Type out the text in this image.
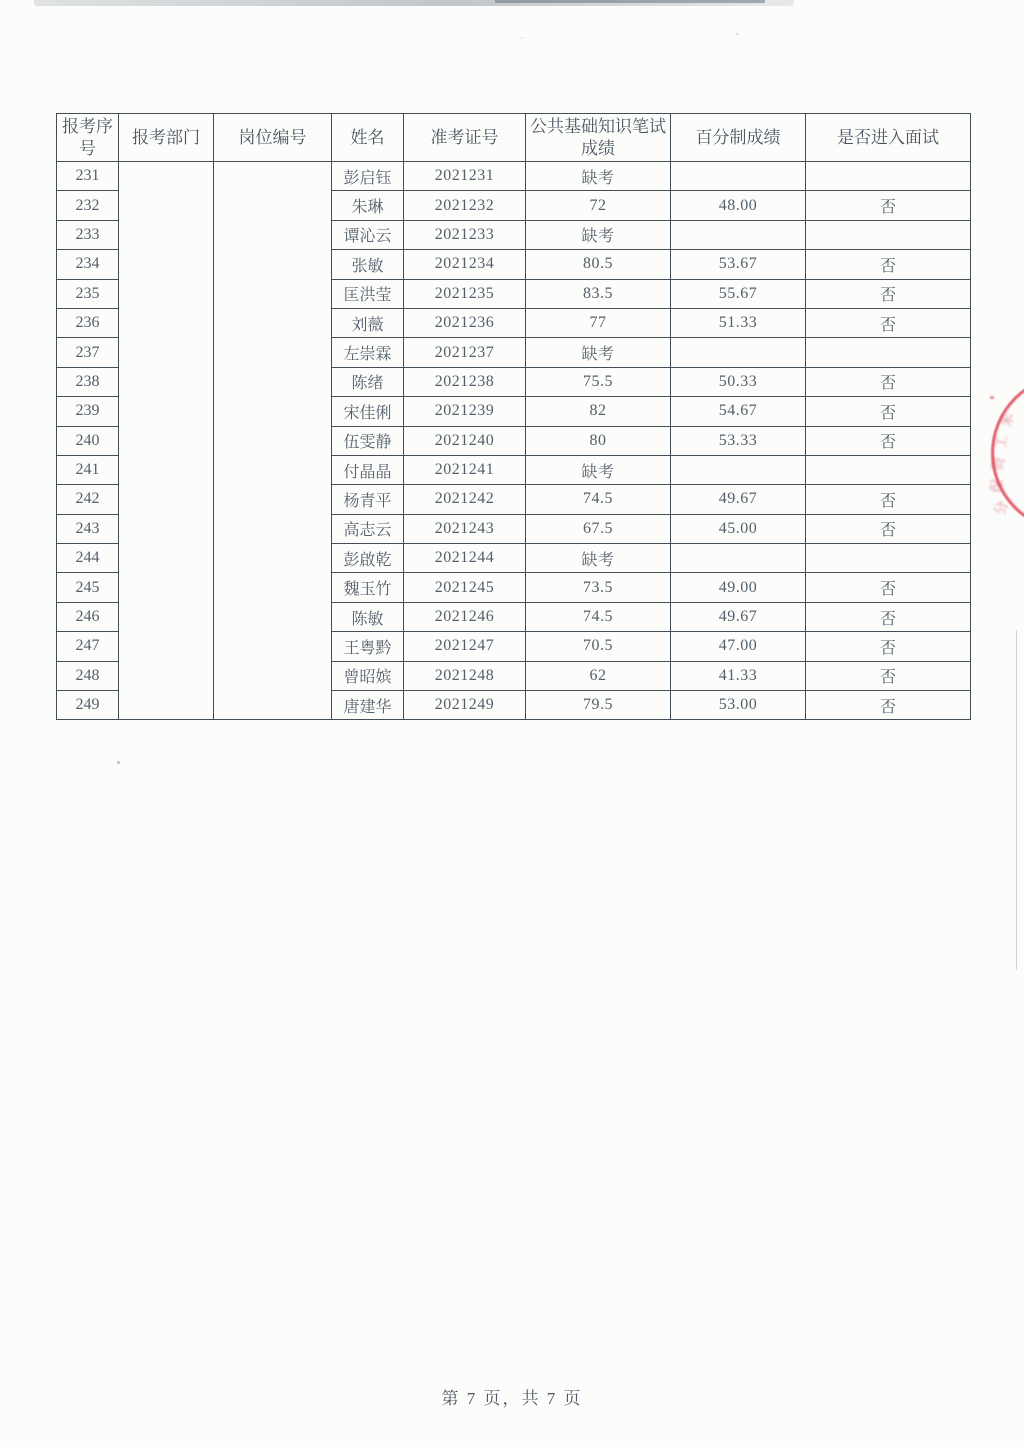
报考序号	报考部门	岗位编号	姓名	准考证号	公共基础知识笔试成绩	百分制成绩	是否进入面试
231			彭启钰	2021231	缺考		
232			朱琳	2021232	72	48.00	否
233			谭沁云	2021233	缺考		
234			张敏	2021234	80.5	53.67	否
235			匡洪莹	2021235	83.5	55.67	否
236			刘薇	2021236	77	51.33	否
237			左崇霖	2021237	缺考		
238			陈绪	2021238	75.5	50.33	否
239			宋佳俐	2021239	82	54.67	否
240			伍雯静	2021240	80	53.33	否
241			付晶晶	2021241	缺考		
242			杨青平	2021242	74.5	49.67	否
243			高志云	2021243	67.5	45.00	否
244			彭啟乾	2021244	缺考		
245			魏玉竹	2021245	73.5	49.00	否
246			陈敏	2021246	74.5	49.67	否
247			王粤黔	2021247	70.5	47.00	否
248			曾昭嫔	2021248	62	41.33	否
249			唐建华	2021249	79.5	53.00	否
米
工
资
保
分
第 7 页，共 7 页
